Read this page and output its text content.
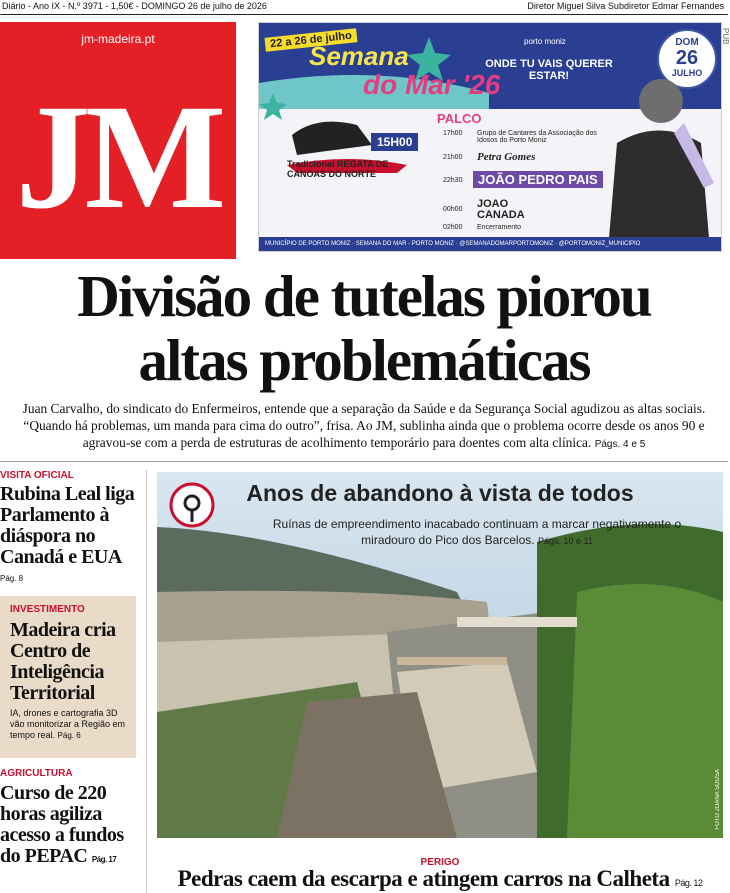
Diário - Ano IX - N.º 3971 - 1,50€ - DOMINGO 26 de julho de 2026	Diretor Miguel Silva Subdiretor Edmar Fernandes
jm-madeira.pt
JM
22 a 26 de julho
Semana
do Mar '26
porto moniz
ONDE TU VAIS QUERER ESTAR!
DOM
26
JULHO
15H00
Tradicional REGATA DE CANOAS DO NORTE
PALCO
17h00 Grupo de Cantares da Associação dos Idosos do Porto Moniz
21h00 Petra Gomes
22h30	JOÃO PEDRO PAIS
00h00 JOAO CANADA
02h00 Encerramento
MUNICÍPIO DE PORTO MONIZ · SEMANA DO MAR - PORTO MONIZ · @SEMANADOMARPORTOMONIZ · @PORTOMONIZ_MUNICIPIO
PUB
Divisão de tutelas piorou
altas problemáticas
Juan Carvalho, do sindicato do Enfermeiros, entende que a separação da Saúde e da Segurança Social agudizou as altas sociais. “Quando há problemas, um manda para cima do outro”, frisa. Ao JM, sublinha ainda que o problema ocorre desde os anos 90 e agravou-se com a perda de estruturas de acolhimento temporário para doentes com alta clínica. Págs. 4 e 5
VISITA OFICIAL
Rubina Leal liga Parlamento à diáspora no Canadá e EUA
Pág. 8
AGRICULTURA
Curso de 220 horas agiliza acesso a fundos do PEPAC Pág. 17
INVESTIMENTO
Madeira cria Centro de Inteligência Territorial
IA, drones e cartografia 3D vão monitorizar a Região em tempo real. Pág. 6
Anos de abandono à vista de todos
Ruínas de empreendimento inacabado continuam a marcar negativamente o miradouro do Pico dos Barcelos. Págs. 10 e 11
FOTO JOANA SOUSA
PERIGO
Pedras caem da escarpa e atingem carros na Calheta Pág. 12
vercapas.com
